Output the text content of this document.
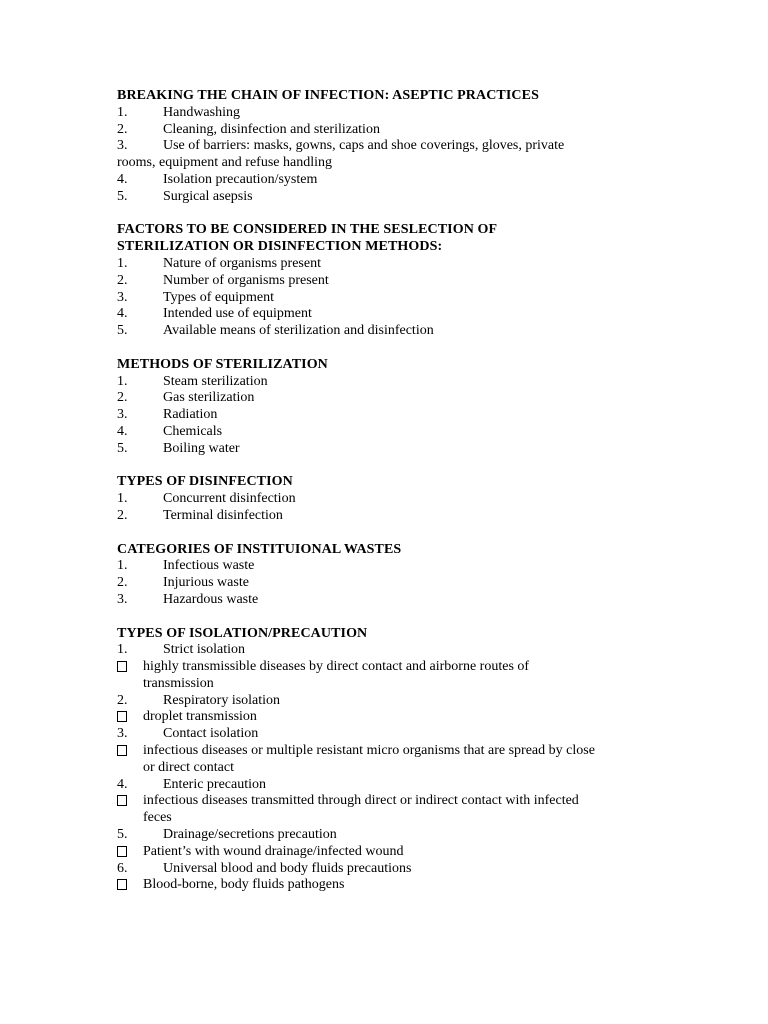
BREAKING THE CHAIN OF INFECTION: ASEPTIC PRACTICES
1.	Handwashing
2.	Cleaning, disinfection and sterilization
3.	Use of barriers: masks, gowns, caps and shoe coverings, gloves, private
rooms, equipment and refuse handling
4.	Isolation precaution/system
5.	Surgical asepsis
FACTORS TO BE CONSIDERED IN THE SESLECTION OF
STERILIZATION OR DISINFECTION METHODS:
1.	Nature of organisms present
2.	Number of organisms present
3.	Types of equipment
4.	Intended use of equipment
5.	Available means of sterilization and disinfection
METHODS OF STERILIZATION
1.	Steam sterilization
2.	Gas sterilization
3.	Radiation
4.	Chemicals
5.	Boiling water
TYPES OF DISINFECTION
1.	Concurrent disinfection
2.	Terminal disinfection
CATEGORIES OF INSTITUIONAL WASTES
1.	Infectious waste
2.	Injurious waste
3.	Hazardous waste
TYPES OF ISOLATION/PRECAUTION
1.	Strict isolation
highly transmissible diseases by direct contact and airborne routes of
transmission
2.	Respiratory isolation
droplet transmission
3.	Contact isolation
infectious diseases or multiple resistant micro organisms that are spread by close
or direct contact
4.	Enteric precaution
infectious diseases transmitted through direct or indirect contact with infected
feces
5.	Drainage/secretions precaution
Patient’s with wound drainage/infected wound
6.	Universal blood and body fluids precautions
Blood-borne, body fluids pathogens
